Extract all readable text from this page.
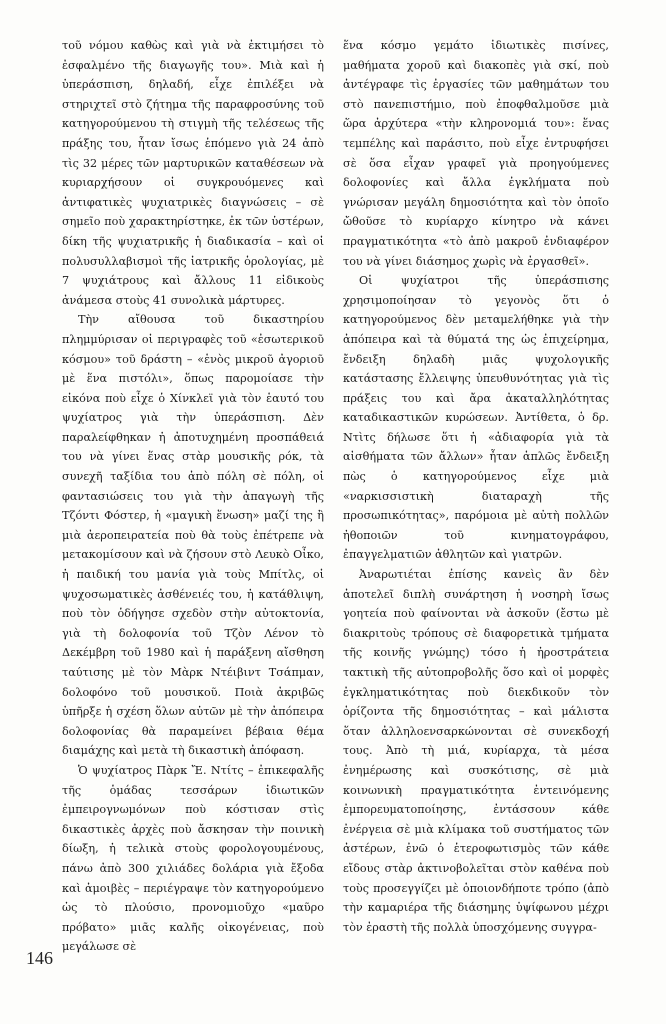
τοῦ νόμου καθὼς καὶ γιὰ νὰ ἐκτιμήσει τὸ ἐσφαλμένο τῆς διαγωγῆς του». Μιὰ καὶ ἡ ὑπεράσπιση, δηλαδή, εἶχε ἐπιλέξει νὰ στηριχτεῖ στὸ ζήτημα τῆς παραφροσύνης τοῦ κατηγορούμενου τὴ στιγμὴ τῆς τελέσεως τῆς πράξης του, ἦταν ἴσως ἑπόμενο γιὰ 24 ἀπὸ τὶς 32 μέρες τῶν μαρτυρικῶν καταθέσεων νὰ κυριαρχήσουν οἱ συγκρουόμενες καὶ ἀντιφατικὲς ψυχιατρικὲς διαγνώσεις – σὲ σημεῖο ποὺ χαρακτηρίστηκε, ἐκ τῶν ὑστέρων, δίκη τῆς ψυχιατρικῆς ἡ διαδικασία – καὶ οἱ πολυσυλλαβισμοὶ τῆς ἰατρικῆς ὁρολογίας, μὲ 7 ψυχιάτρους καὶ ἄλλους 11 εἰδικοὺς ἀνάμεσα στοὺς 41 συνολικὰ μάρτυρες.

Τὴν αἴθουσα τοῦ δικαστηρίου πλημμύρισαν οἱ περιγραφὲς τοῦ «ἐσωτερικοῦ κόσμου» τοῦ δράστη – «ἑνὸς μικροῦ ἀγοριοῦ μὲ ἕνα πιστόλι», ὅπως παρομοίασε τὴν εἰκόνα ποὺ εἶχε ὁ Χίνκλεϊ γιὰ τὸν ἑαυτό του ψυχίατρος γιὰ τὴν ὑπεράσπιση. Δὲν παραλείφθηκαν ἡ ἀποτυχημένη προσπάθειά του νὰ γίνει ἕνας στὰρ μουσικῆς ρόκ, τὰ συνεχῆ ταξίδια του ἀπὸ πόλη σὲ πόλη, οἱ φαντασιώσεις του γιὰ τὴν ἀπαγωγὴ τῆς Τζόντι Φόστερ, ἡ «μαγικὴ ἕνωση» μαζί της ἢ μιὰ ἀεροπειρατεία ποὺ θὰ τοὺς ἐπέτρεπε νὰ μετακομίσουν καὶ νὰ ζήσουν στὸ Λευκὸ Οἶκο, ἡ παιδική του μανία γιὰ τοὺς Μπίτλς, οἱ ψυχοσωματικὲς ἀσθένειές του, ἡ κατάθλιψη, ποὺ τὸν ὁδήγησε σχεδὸν στὴν αὐτοκτονία, γιὰ τὴ δολοφονία τοῦ Τζὸν Λένον τὸ Δεκέμβρη τοῦ 1980 καὶ ἡ παράξενη αἴσθηση ταύτισης μὲ τὸν Μὰρκ Ντέιβιντ Τσάπμαν, δολοφόνο τοῦ μουσικοῦ. Ποιὰ ἀκριβῶς ὑπῆρξε ἡ σχέση ὅλων αὐτῶν μὲ τὴν ἀπόπειρα δολοφονίας θὰ παραμείνει βέβαια θέμα διαμάχης καὶ μετὰ τὴ δικαστικὴ ἀπόφαση.

Ὁ ψυχίατρος Πὰρκ Ἔ. Ντίτς – ἐπικεφαλῆς τῆς ὁμάδας τεσσάρων ἰδιωτικῶν ἐμπειρογνωμόνων ποὺ κόστισαν στὶς δικαστικὲς ἀρχὲς ποὺ ἄσκησαν τὴν ποινικὴ δίωξη, ἡ τελικὰ στοὺς φορολογουμένους, πάνω ἀπὸ 300 χιλιάδες δολάρια γιὰ ἔξοδα καὶ ἀμοιβὲς – περιέγραψε τὸν κατηγορούμενο ὡς τὸ πλούσιο, προνομιοῦχο «μαῦρο πρόβατο» μιᾶς καλῆς οἰκογένειας, ποὺ μεγάλωσε σὲ

ἕνα κόσμο γεμάτο ἰδιωτικὲς πισίνες, μαθήματα χοροῦ καὶ διακοπὲς γιὰ σκί, ποὺ ἀντέγραφε τὶς ἐργασίες τῶν μαθημάτων του στὸ πανεπιστήμιο, ποὺ ἐποφθαλμοῦσε μιὰ ὥρα ἀρχύτερα «τὴν κληρονομιά του»: ἕνας τεμπέλης καὶ παράσιτο, ποὺ εἶχε ἐντρυφήσει σὲ ὅσα εἶχαν γραφεῖ γιὰ προηγούμενες δολοφονίες καὶ ἄλλα ἐγκλήματα ποὺ γνώρισαν μεγάλη δημοσιότητα καὶ τὸν ὁποῖο ὤθοῦσε τὸ κυρίαρχο κίνητρο νὰ κάνει πραγματικότητα «τὸ ἀπὸ μακροῦ ἐνδιαφέρον του νὰ γίνει διάσημος χωρὶς νὰ ἐργασθεῖ».

Οἱ ψυχίατροι τῆς ὑπεράσπισης χρησιμοποίησαν τὸ γεγονὸς ὅτι ὁ κατηγορούμενος δὲν μεταμελήθηκε γιὰ τὴν ἀπόπειρα καὶ τὰ θύματά της ὡς ἐπιχείρημα, ἔνδειξη δηλαδὴ μιᾶς ψυχολογικῆς κατάστασης ἔλλειψης ὑπευθυνότητας γιὰ τὶς πράξεις του καὶ ἄρα ἀκαταλληλότητας καταδικαστικῶν κυρώσεων. Ἀντίθετα, ὁ δρ. Ντὶτς δήλωσε ὅτι ἡ «ἀδιαφορία γιὰ τὰ αἰσθήματα τῶν ἄλλων» ἦταν ἁπλῶς ἔνδειξη πὼς ὁ κατηγορούμενος εἶχε μιὰ «ναρκισσιστικὴ διαταραχὴ τῆς προσωπικότητας», παρόμοια μὲ αὐτὴ πολλῶν ἠθοποιῶν τοῦ κινηματογράφου, ἐπαγγελματιῶν ἀθλητῶν καὶ γιατρῶν.

Ἀναρωτιέται ἐπίσης κανεὶς ἂν δὲν ἀποτελεῖ διπλὴ συνάρτηση ἡ νοσηρὴ ἴσως γοητεία ποὺ φαίνονται νὰ ἀσκοῦν (ἔστω μὲ διακριτοὺς τρόπους σὲ διαφορετικὰ τμήματα τῆς κοινῆς γνώμης) τόσο ἡ ἠροστράτεια τακτικὴ τῆς αὐτοπροβολῆς ὅσο καὶ οἱ μορφὲς ἐγκληματικότητας ποὺ διεκδικοῦν τὸν ὁρίζοντα τῆς δημοσιότητας – καὶ μάλιστα ὅταν ἀλληλοενσαρκώνονται σὲ συνεκδοχή τους. Ἀπὸ τὴ μιά, κυρίαρχα, τὰ μέσα ἐνημέρωσης καὶ συσκότισης, σὲ μιὰ κοινωνικὴ πραγματικότητα ἐντεινόμενης ἐμπορευματοποίησης, ἐντάσσουν κάθε ἐνέργεια σὲ μιὰ κλίμακα τοῦ συστήματος τῶν ἀστέρων, ἐνῶ ὁ ἑτεροφωτισμὸς τῶν κάθε εἴδους στὰρ ἀκτινοβολεῖται στὸν καθένα ποὺ τοὺς προσεγγίζει μὲ ὁποιονδήποτε τρόπο (ἀπὸ τὴν καμαριέρα τῆς διάσημης ὑψίφωνου μέχρι τὸν ἐραστὴ τῆς πολλὰ ὑποσχόμενης συγγρα-

146
